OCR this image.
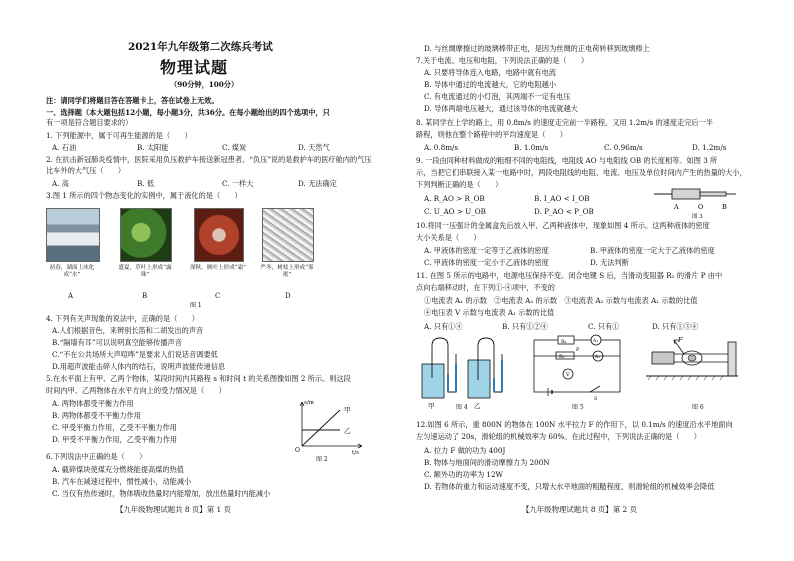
2021年九年级第二次练兵考试
物理试题
（90分钟，100分）
注：请同学们将题目答在答题卡上，答在试卷上无效。
一、选择题（本大题包括12小题，每小题3分，共36分。在每小题给出的四个选项中，只
有一项是符合题目要求的）
1. 下列能源中，属于可再生能源的是（　　）
A. 石油	B. 太阳能	C. 煤炭	D. 天然气
2. 在抗击新冠肺炎疫情中，医院采用负压救护车接送新冠患者。“负压”说的是救护车的医疗舱内的气压
比车外的大气压（　　）
A. 高	B. 低	C. 一样大	D. 无法确定
3.图 1 所示的四个物态变化的实例中，属于液化的是（　　）
初春，湖面上冰化成“水”
盛夏，草叶上形成“露珠”
深秋，枫叶上形成“霜”	严冬，树枝上形成“雾凇”
A	B	C	D
图 1
4. 下列有关声现象的说法中，正确的是（　　）
A.人们根据音色，来辨别长笛和二胡发出的声音
B.“隔墙有耳”可以说明真空能够传播声音
C.“不在公共场所大声喧哗”是要求人们说话音调要低
D.用超声波能击碎人体内的结石，说明声波能传递信息
5.在水平面上有甲、乙两个物体，某段时间内其路程 s 和时间 t 的关系图像如图 2 所示。则这段
时间内甲、乙两物体在水平方向上的受力情况是（　　）
A. 两物体都受平衡力作用
B. 两物体都受不平衡力作用
C. 甲受平衡力作用，乙受不平衡力作用
D. 甲受不平衡力作用，乙受平衡力作用
s/m
t/s
O
甲
乙
图 2
6.下列说法中正确的是（　　）
A. 截碎煤块使煤充分燃烧能提高煤的热值
B. 汽车在减速过程中，惯性减小，动能减小
C. 当仅有热传递时，物体吸收热量时内能增加，放出热量时内能减小
【九年级物理试题共 8 页】第 1 页
D. 与丝绸摩擦过的玻璃棒带正电，是因为丝绸的正电荷转移到玻璃棒上
7.关于电流、电压和电阻，下列说法正确的是（　　）
A. 只要将导体连入电路，电路中就有电流
B. 导体中通过的电流越大，它的电阻越小
C. 有电流通过的小灯泡，其两端不一定有电压
D. 导体两端电压越大，通过该导体的电流就越大
8. 某同学在上学的路上，用 0.8m/s 的速度走完前一半路程，又用 1.2m/s 的速度走完后一半
路程，则他在整个路程中的平均速度是（　　）
A. 0.8m/s	B. 1.0m/s	C. 0.96m/s	D. 1.2m/s
9. 一段由同种材料做成的粗细不同的电阻线，电阻线 AO 与电阻线 OB 的长度相等。如图 3 所
示，当把它们串联接入某一电路中时，两段电阻线的电阻、电流、电压及单位时间内产生的热量的大小，
下列判断正确的是（　　）
A. R_AO > R_OB	B. I_AO < I_OB
C. U_AO > U_OB	D. P_AO < P_OB	A	O	B
图 3
10.将同一压强计的金属盒先后放入甲、乙两种液体中，现象如图 4 所示。这两种液体的密度
大小关系是（　　）
A. 甲液体的密度一定等于乙液体的密度	B. 甲液体的密度一定大于乙液体的密度
C. 甲液体的密度一定小于乙液体的密度	D. 无法判断
11. 在图 5 所示的电路中，电源电压保持不变。闭合电键 S 后，当滑动变阻器 R₂ 的滑片 P 由中
点向右端移动时，在下列①-④项中，不变的
①电流表 A₁ 的示数　②电流表 A₂ 的示数　③电流表 A₂ 示数与电流表 A₁ 示数的比值
④电压表 V 示数与电流表 A₁ 示数的比值
A. 只有①④	B. 只有①②④	C. 只有①	D. 只有①③④
甲	乙
图 4
R₁	A₁
R₂	A₂
V
P
S
图 5
F
图 6
12.如图 6 所示，重 800N 的物体在 100N 水平拉力 F 的作用下，以 0.1m/s 的速度沿水平地面向
左匀速运动了 20s，滑轮组的机械效率为 60%。在此过程中，下列说法正确的是（　　）
A. 拉力 F 做的功为 400J
B. 物体与地面间的滑动摩擦力为 200N
C. 额外功的功率为 12W
D. 若物体的重力和运动速度不变，只增大水平地面的粗糙程度，则滑轮组的机械效率会降低
【九年级物理试题共 8 页】第 2 页
